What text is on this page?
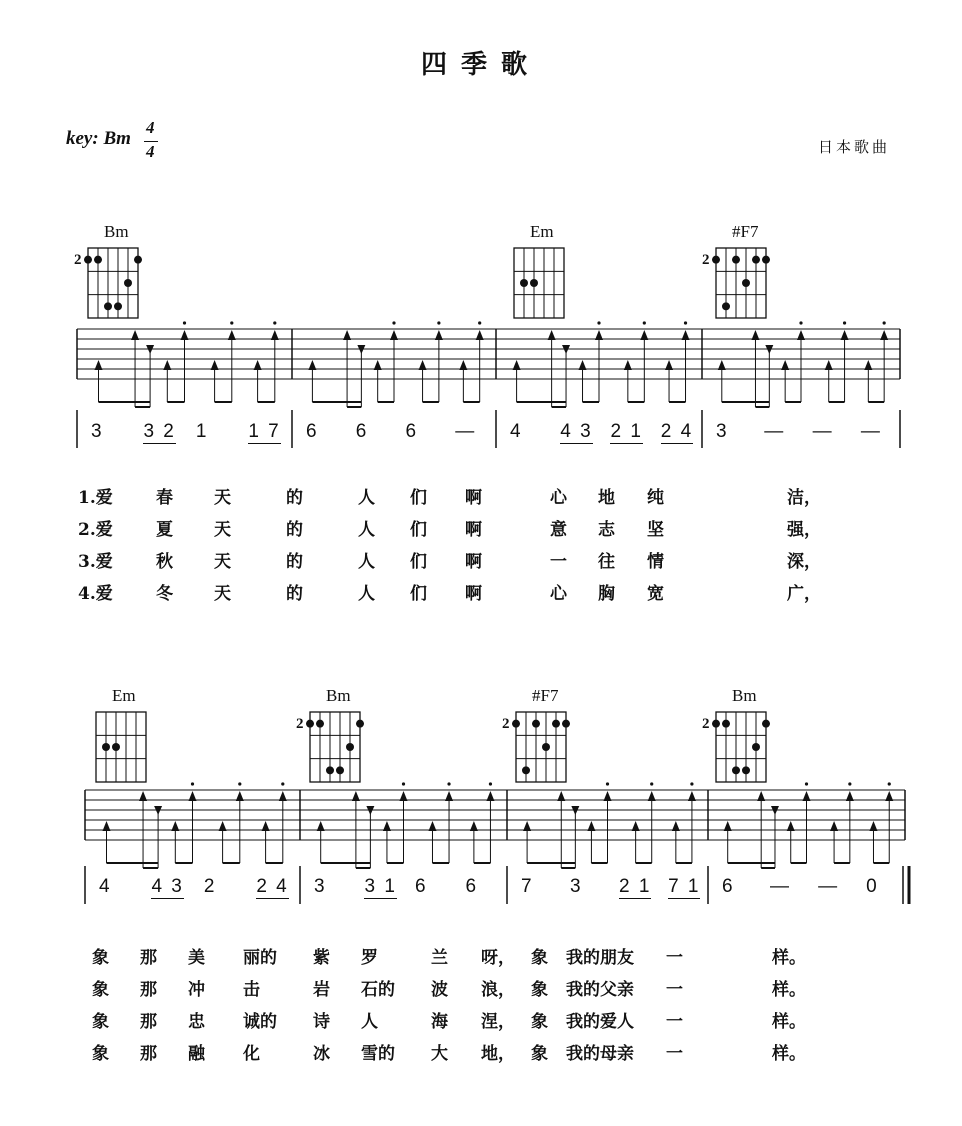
四季歌
key: Bm
4
4	日本歌曲
Bm
2
Em	#F7
2
3 3 2 1 1 7 6 6 6 — 4 4 3 2 1 2 4 3 — — —
1.爱	春 天	的	人 们 啊	心 地 纯	洁，
2.爱	夏 天	的	人 们 啊	意 志 坚	强，
3.爱	秋 天	的	人 们 啊	一 往 情	深，
4.爱	冬 天	的	人 们 啊	心 胸 宽	广，
Em	Bm
2
#F7
2
Bm
2
4 4 3 2 2 4 3 3 1 6 6 7 3 2 1 7 1 6 — — 0
象 那 美 丽的 紫 罗	兰 呀， 象 我的朋友 一	样。
象 那 冲 击	岩 石的 波 浪， 象 我的父亲 一	样。
象 那 忠 诚的 诗 人	海 涅， 象 我的爱人 一	样。
象 那 融 化	冰 雪的 大 地， 象 我的母亲 一	样。
